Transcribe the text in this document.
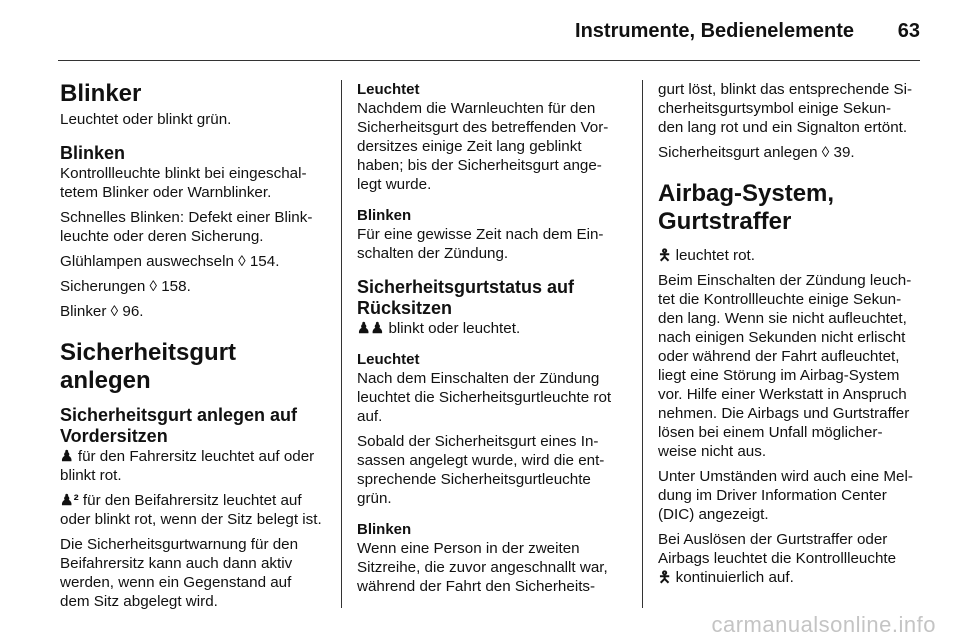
Instrumente, Bedienelemente 63
Blinker

Leuchtet oder blinkt grün.

Blinken

Kontrollleuchte blinkt bei eingeschal- tetem Blinker oder Warnblinker.

Schnelles Blinken: Defekt einer Blink- leuchte oder deren Sicherung.

Glühlampen auswechseln ◊ 154.

Sicherungen ◊ 158.

Blinker ◊ 96.

Sicherheitsgurt anlegen
Sicherheitsgurt anlegen auf Vordersitzen

♟ für den Fahrersitz leuchtet auf oder blinkt rot.

♟² für den Beifahrersitz leuchtet auf oder blinkt rot, wenn der Sitz belegt ist.

Die Sicherheitsgurtwarnung für den Beifahrersitz kann auch dann aktiv werden, wenn ein Gegenstand auf dem Sitz abgelegt wird.

Leuchtet

Nachdem die Warnleuchten für den Sicherheitsgurt des betreffenden Vor- dersitzes einige Zeit lang geblinkt haben; bis der Sicherheitsgurt ange- legt wurde.

Blinken

Für eine gewisse Zeit nach dem Ein- schalten der Zündung.

Sicherheitsgurtstatus auf Rücksitzen

♟♟ blinkt oder leuchtet.

Leuchtet

Nach dem Einschalten der Zündung leuchtet die Sicherheitsgurtleuchte rot auf.

Sobald der Sicherheitsgurt eines In- sassen angelegt wurde, wird die ent- sprechende Sicherheitsgurtleuchte grün.

Blinken

Wenn eine Person in der zweiten Sitzreihe, die zuvor angeschnallt war, während der Fahrt den Sicherheits-

gurt löst, blinkt das entsprechende Si- cherheitsgurtsymbol einige Sekun- den lang rot und ein Signalton ertönt.

Sicherheitsgurt anlegen ◊ 39.

Airbag-System, Gurtstraffer

🯅 leuchtet rot.

Beim Einschalten der Zündung leuch- tet die Kontrollleuchte einige Sekun- den lang. Wenn sie nicht aufleuchtet, nach einigen Sekunden nicht erlischt oder während der Fahrt aufleuchtet, liegt eine Störung im Airbag-System vor. Hilfe einer Werkstatt in Anspruch nehmen. Die Airbags und Gurtstraffer lösen bei einem Unfall möglicher- weise nicht aus.

Unter Umständen wird auch eine Mel- dung im Driver Information Center (DIC) angezeigt.

Bei Auslösen der Gurtstraffer oder Airbags leuchtet die Kontrollleuchte
🯅 kontinuierlich auf.

carmanualsonline.info
